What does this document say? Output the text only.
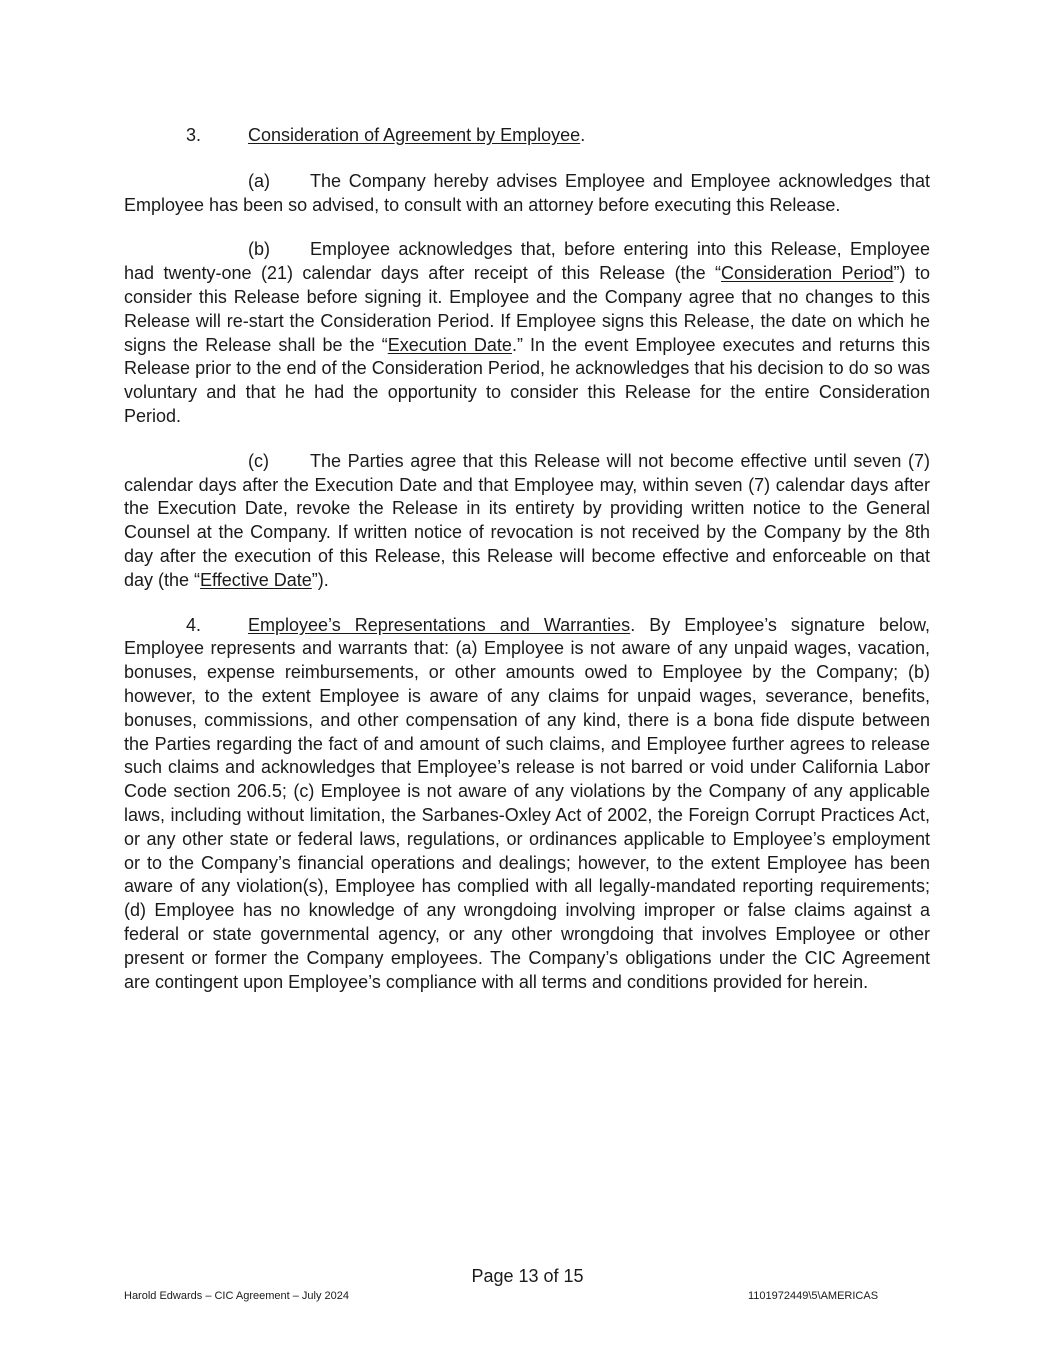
3.	Consideration of Agreement by Employee.

(a) The Company hereby advises Employee and Employee acknowledges that Employee has been so advised, to consult with an attorney before executing this Release.

(b) Employee acknowledges that, before entering into this Release, Employee had twenty-one (21) calendar days after receipt of this Release (the “Consideration Period”) to consider this Release before signing it. Employee and the Company agree that no changes to this Release will re-start the Consideration Period. If Employee signs this Release, the date on which he signs the Release shall be the “Execution Date.” In the event Employee executes and returns this Release prior to the end of the Consideration Period, he acknowledges that his decision to do so was voluntary and that he had the opportunity to consider this Release for the entire Consideration Period.

(c) The Parties agree that this Release will not become effective until seven (7) calendar days after the Execution Date and that Employee may, within seven (7) calendar days after the Execution Date, revoke the Release in its entirety by providing written notice to the General Counsel at the Company. If written notice of revocation is not received by the Company by the 8th day after the execution of this Release, this Release will become effective and enforceable on that day (the “Effective Date”).

4.	Employee’s Representations and Warranties. By Employee’s signature below, Employee represents and warrants that: (a) Employee is not aware of any unpaid wages, vacation, bonuses, expense reimbursements, or other amounts owed to Employee by the Company; (b) however, to the extent Employee is aware of any claims for unpaid wages, severance, benefits, bonuses, commissions, and other compensation of any kind, there is a bona fide dispute between the Parties regarding the fact of and amount of such claims, and Employee further agrees to release such claims and acknowledges that Employee’s release is not barred or void under California Labor Code section 206.5; (c) Employee is not aware of any violations by the Company of any applicable laws, including without limitation, the Sarbanes-Oxley Act of 2002, the Foreign Corrupt Practices Act, or any other state or federal laws, regulations, or ordinances applicable to Employee’s employment or to the Company’s financial operations and dealings; however, to the extent Employee has been aware of any violation(s), Employee has complied with all legally-mandated reporting requirements; (d) Employee has no knowledge of any wrongdoing involving improper or false claims against a federal or state governmental agency, or any other wrongdoing that involves Employee or other present or former the Company employees. The Company’s obligations under the CIC Agreement are contingent upon Employee’s compliance with all terms and conditions provided for herein.

Page 13 of 15
Harold Edwards – CIC Agreement – July 2024	1101972449\5\AMERICAS
